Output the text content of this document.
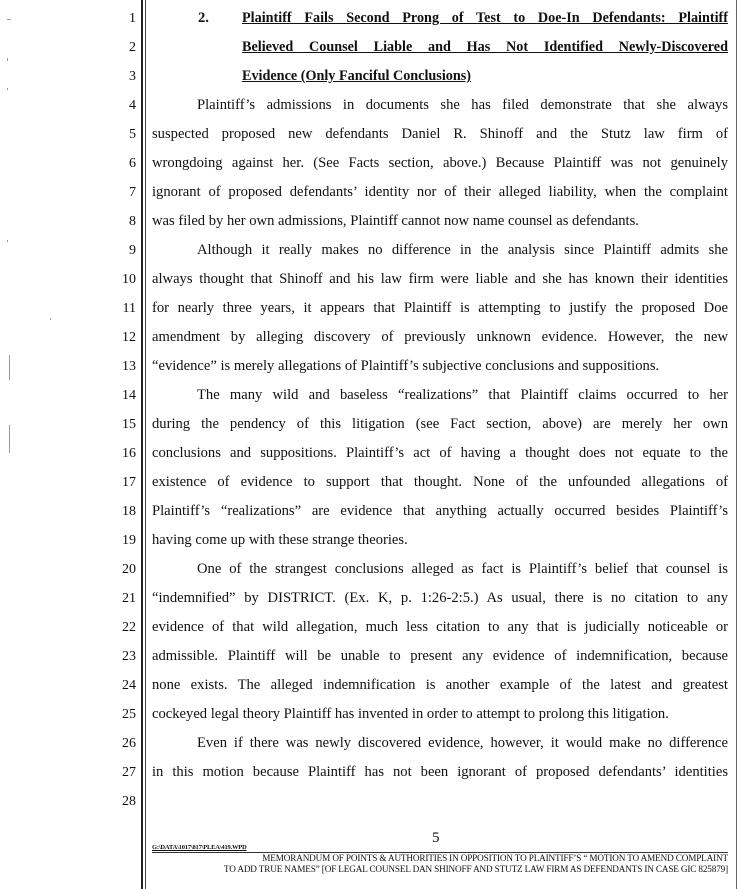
1
2
3
4
5
6
7
8
9
10
11
12
13
14
15
16
17
18
19
20
21
22
23
24
25
26
27
28
2. Plaintiff Fails Second Prong of Test to Doe-In Defendants: Plaintiff
Believed Counsel Liable and Has Not Identified Newly-Discovered
Evidence (Only Fanciful Conclusions)
Plaintiff’s admissions in documents she has filed demonstrate that she always
suspected proposed new defendants Daniel R. Shinoff and the Stutz law firm of
wrongdoing against her. (See Facts section, above.) Because Plaintiff was not genuinely
ignorant of proposed defendants’ identity nor of their alleged liability, when the complaint
was filed by her own admissions, Plaintiff cannot now name counsel as defendants.
Although it really makes no difference in the analysis since Plaintiff admits she
always thought that Shinoff and his law firm were liable and she has known their identities
for nearly three years, it appears that Plaintiff is attempting to justify the proposed Doe
amendment by alleging discovery of previously unknown evidence. However, the new
“evidence” is merely allegations of Plaintiff’s subjective conclusions and suppositions.
The many wild and baseless “realizations” that Plaintiff claims occurred to her
during the pendency of this litigation (see Fact section, above) are merely her own
conclusions and suppositions. Plaintiff’s act of having a thought does not equate to the
existence of evidence to support that thought. None of the unfounded allegations of
Plaintiff’s “realizations” are evidence that anything actually occurred besides Plaintiff’s
having come up with these strange theories.
One of the strangest conclusions alleged as fact is Plaintiff’s belief that counsel is
“indemnified” by DISTRICT. (Ex. K, p. 1:26-2:5.) As usual, there is no citation to any
evidence of that wild allegation, much less citation to any that is judicially noticeable or
admissible. Plaintiff will be unable to present any evidence of indemnification, because
none exists. The alleged indemnification is another example of the latest and greatest
cockeyed legal theory Plaintiff has invented in order to attempt to prolong this litigation.
Even if there was newly discovered evidence, however, it would make no difference
in this motion because Plaintiff has not been ignorant of proposed defendants’ identities
5
G:\DATA\1017\817\PLEA\419.WPD
MEMORANDUM OF POINTS & AUTHORITIES IN OPPOSITION TO PLAINTIFF’S “ MOTION TO AMEND COMPLAINT
TO ADD TRUE NAMES” [OF LEGAL COUNSEL DAN SHINOFF AND STUTZ LAW FIRM AS DEFENDANTS IN CASE GIC 825879]
